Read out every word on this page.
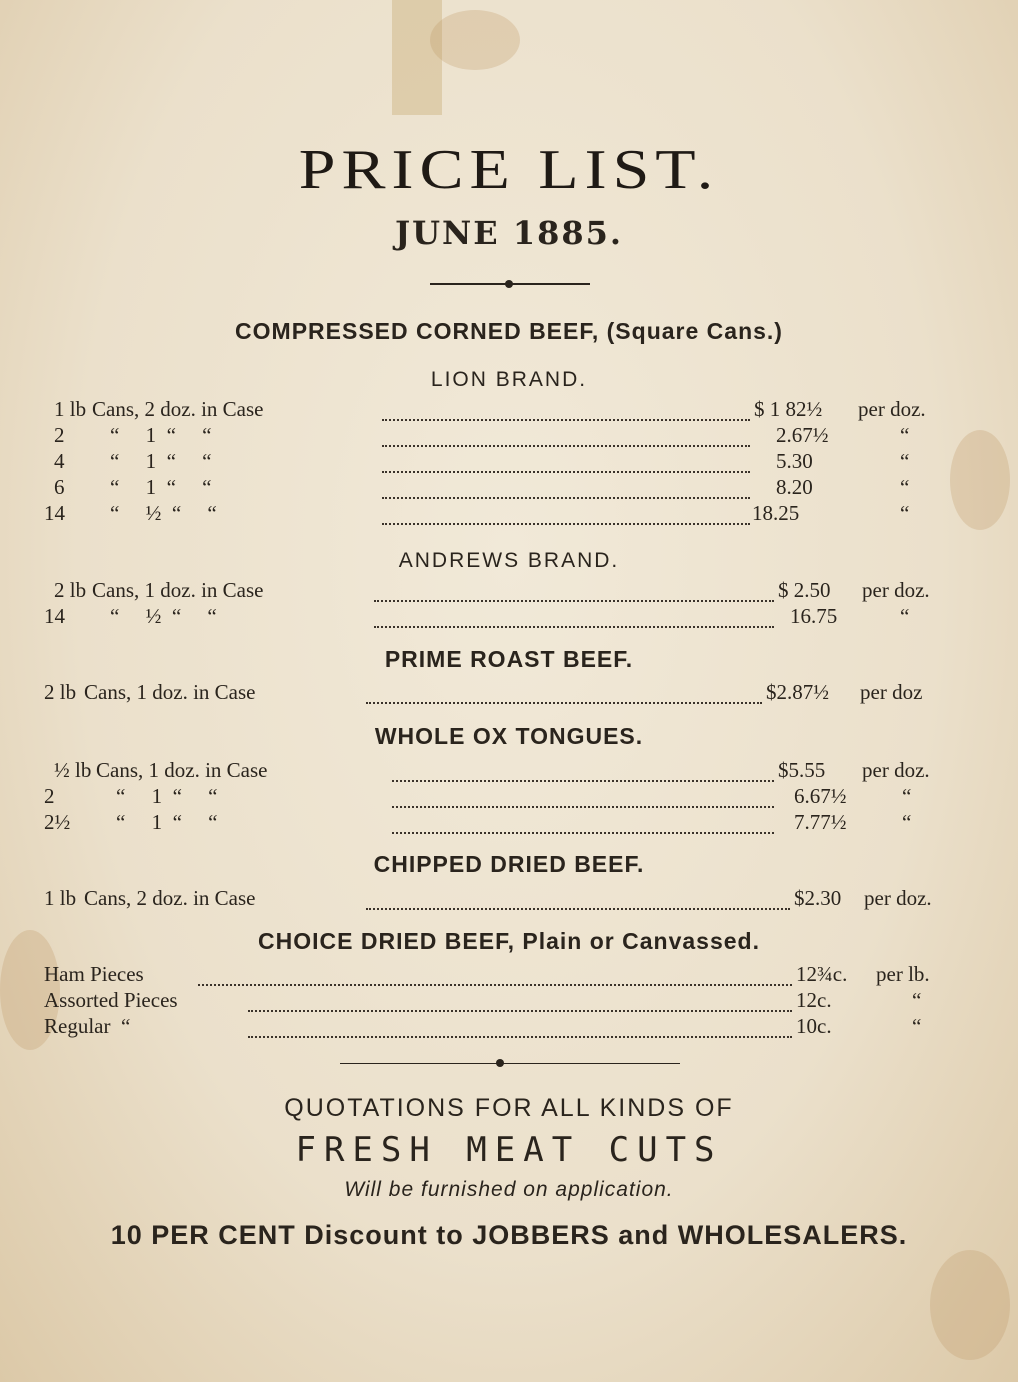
PRICE LIST.
JUNE 1885.
COMPRESSED CORNED BEEF, (Square Cans.)
LION BRAND.
1 lb Cans, 2 doz. in Case	$ 1 82½ per doz.
2 “     1  “     “	2.67½	“
4 “     1  “     “	5.30	“
6 “     1  “     “	8.20	“
14 “     ½  “     “	18.25	“
ANDREWS BRAND.
2 lb Cans, 1 doz. in Case	$ 2.50 per doz.
14 “     ½  “     “	16.75	“
PRIME ROAST BEEF.
2 lb Cans, 1 doz. in Case	$2.87½ per doz
WHOLE OX TONGUES.
½ lb Cans, 1 doz. in Case	$5.55 per doz.
2	“     1  “     “	6.67½	“
2½ “     1  “     “	7.77½	“
CHIPPED DRIED BEEF.
1 lb Cans, 2 doz. in Case	$2.30 per doz.
CHOICE DRIED BEEF, Plain or Canvassed.
Ham Pieces	12¾c. per lb.
Assorted Pieces	12c.	“
Regular  “	10c.	“
QUOTATIONS FOR ALL KINDS OF
FRESH MEAT CUTS
Will be furnished on application.
10 PER CENT Discount to JOBBERS and WHOLESALERS.
